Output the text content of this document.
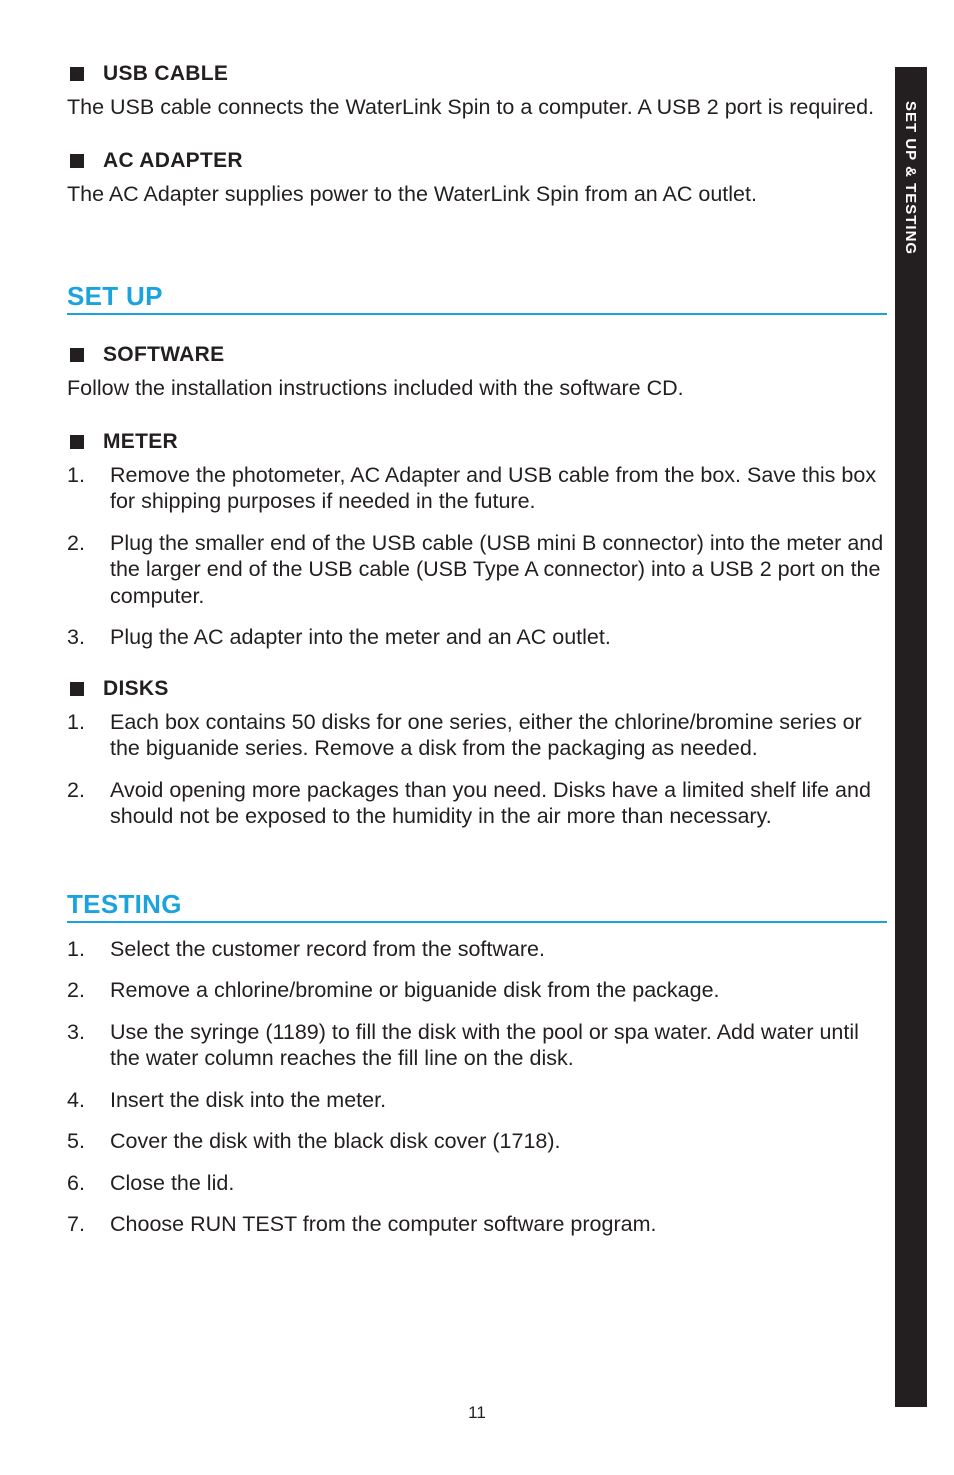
SET UP & TESTING
USB CABLE

The USB cable connects the WaterLink Spin to a computer. A USB 2 port is required.

AC ADAPTER

The AC Adapter supplies power to the WaterLink Spin from an AC outlet.

SET UP
SOFTWARE

Follow the installation instructions included with the software CD.

METER
1.	Remove the photometer, AC Adapter and USB cable from the box. Save this box for shipping purposes if needed in the future.
2.	Plug the smaller end of the USB cable (USB mini B connector) into the meter and the larger end of the USB cable (USB Type A connector) into a USB 2 port on the computer.
3.	Plug the AC adapter into the meter and an AC outlet.
DISKS
1.	Each box contains 50 disks for one series, either the chlorine/bromine series or the biguanide series. Remove a disk from the packaging as needed.
2.	Avoid opening more packages than you need. Disks have a limited shelf life and should not be exposed to the humidity in the air more than necessary.
TESTING
1.	Select the customer record from the software.
2.	Remove a chlorine/bromine or biguanide disk from the package.
3.	Use the syringe (1189) to fill the disk with the pool or spa water. Add water until the water column reaches the fill line on the disk.
4.	Insert the disk into the meter.
5.	Cover the disk with the black disk cover (1718).
6.	Close the lid.
7.	Choose RUN TEST from the computer software program.
11
